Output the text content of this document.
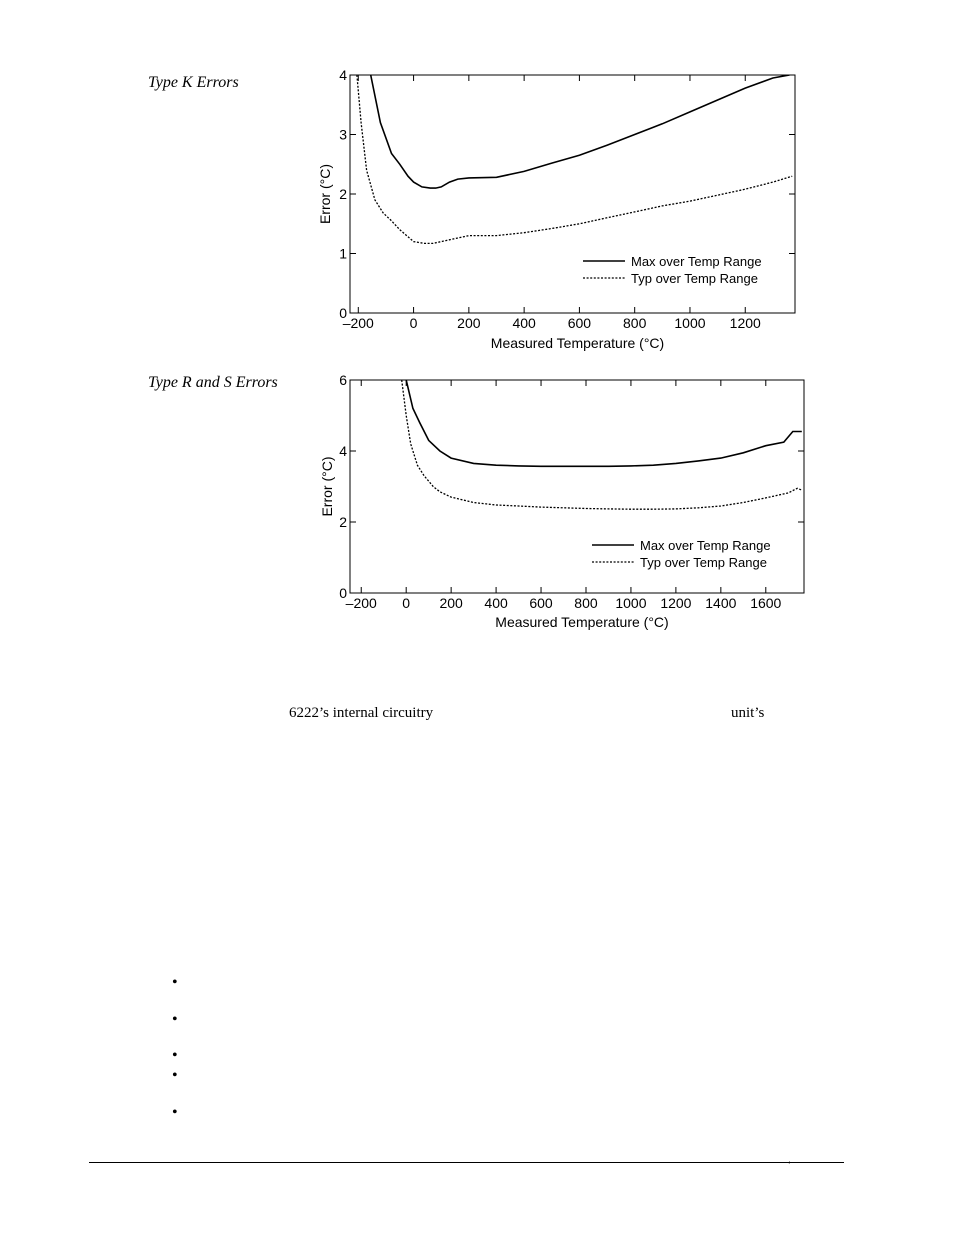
Type K Errors
–200	0	200 400 600 800 1000 1200
0
1
2
3
4
Measured Temperature (°C)
Error (°C)
Max over Temp Range
Typ over Temp Range
Type R and S Errors
–200 0 200 400 600 800 1000 1200 1400 1600
0
2
4
6
Measured Temperature (°C)
Error (°C)
Max over Temp Range
Typ over Temp Range
6222’s internal circuitry	unit’s
•
•
•
•
•
’
